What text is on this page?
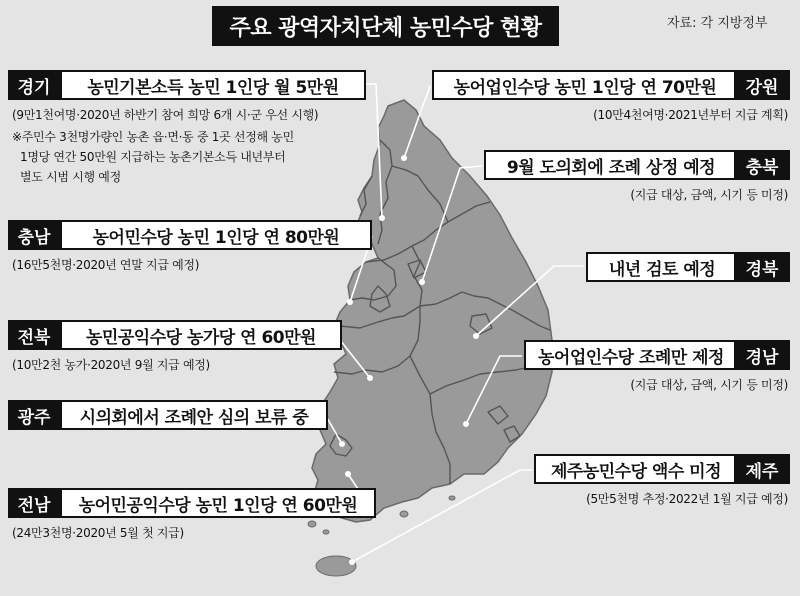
주요 광역자치단체 농민수당 현황	자료: 각 지방정부
경기	농민기본소득 농민 1인당 월 5만원
(9만1천여명·2020년 하반기 참여 희망 6개 시·군 우선 시행)
※주민수 3천명가량인 농촌 읍·면·동 중 1곳 선정해 농민
1명당 연간 50만원 지급하는 농촌기본소득 내년부터
별도 시범 시행 예정
농어업인수당 농민 1인당 연 70만원	강원
(10만4천여명·2021년부터 지급 계획)
9월 도의회에 조례 상정 예정	충북
(지급 대상, 금액, 시기 등 미정)
충남	농어민수당 농민 1인당 연 80만원
(16만5천명·2020년 연말 지급 예정)	내년 검토 예정	경북
전북	농민공익수당 농가당 연 60만원
(10만2천 농가·2020년 9월 지급 예정)	농어업인수당 조례만 제정	경남
(지급 대상, 금액, 시기 등 미정)
광주	시의회에서 조례안 심의 보류 중
제주농민수당 액수 미정	제주
(5만5천명 추정·2022년 1월 지급 예정)
전남	농어민공익수당 농민 1인당 연 60만원
(24만3천명·2020년 5월 첫 지급)
